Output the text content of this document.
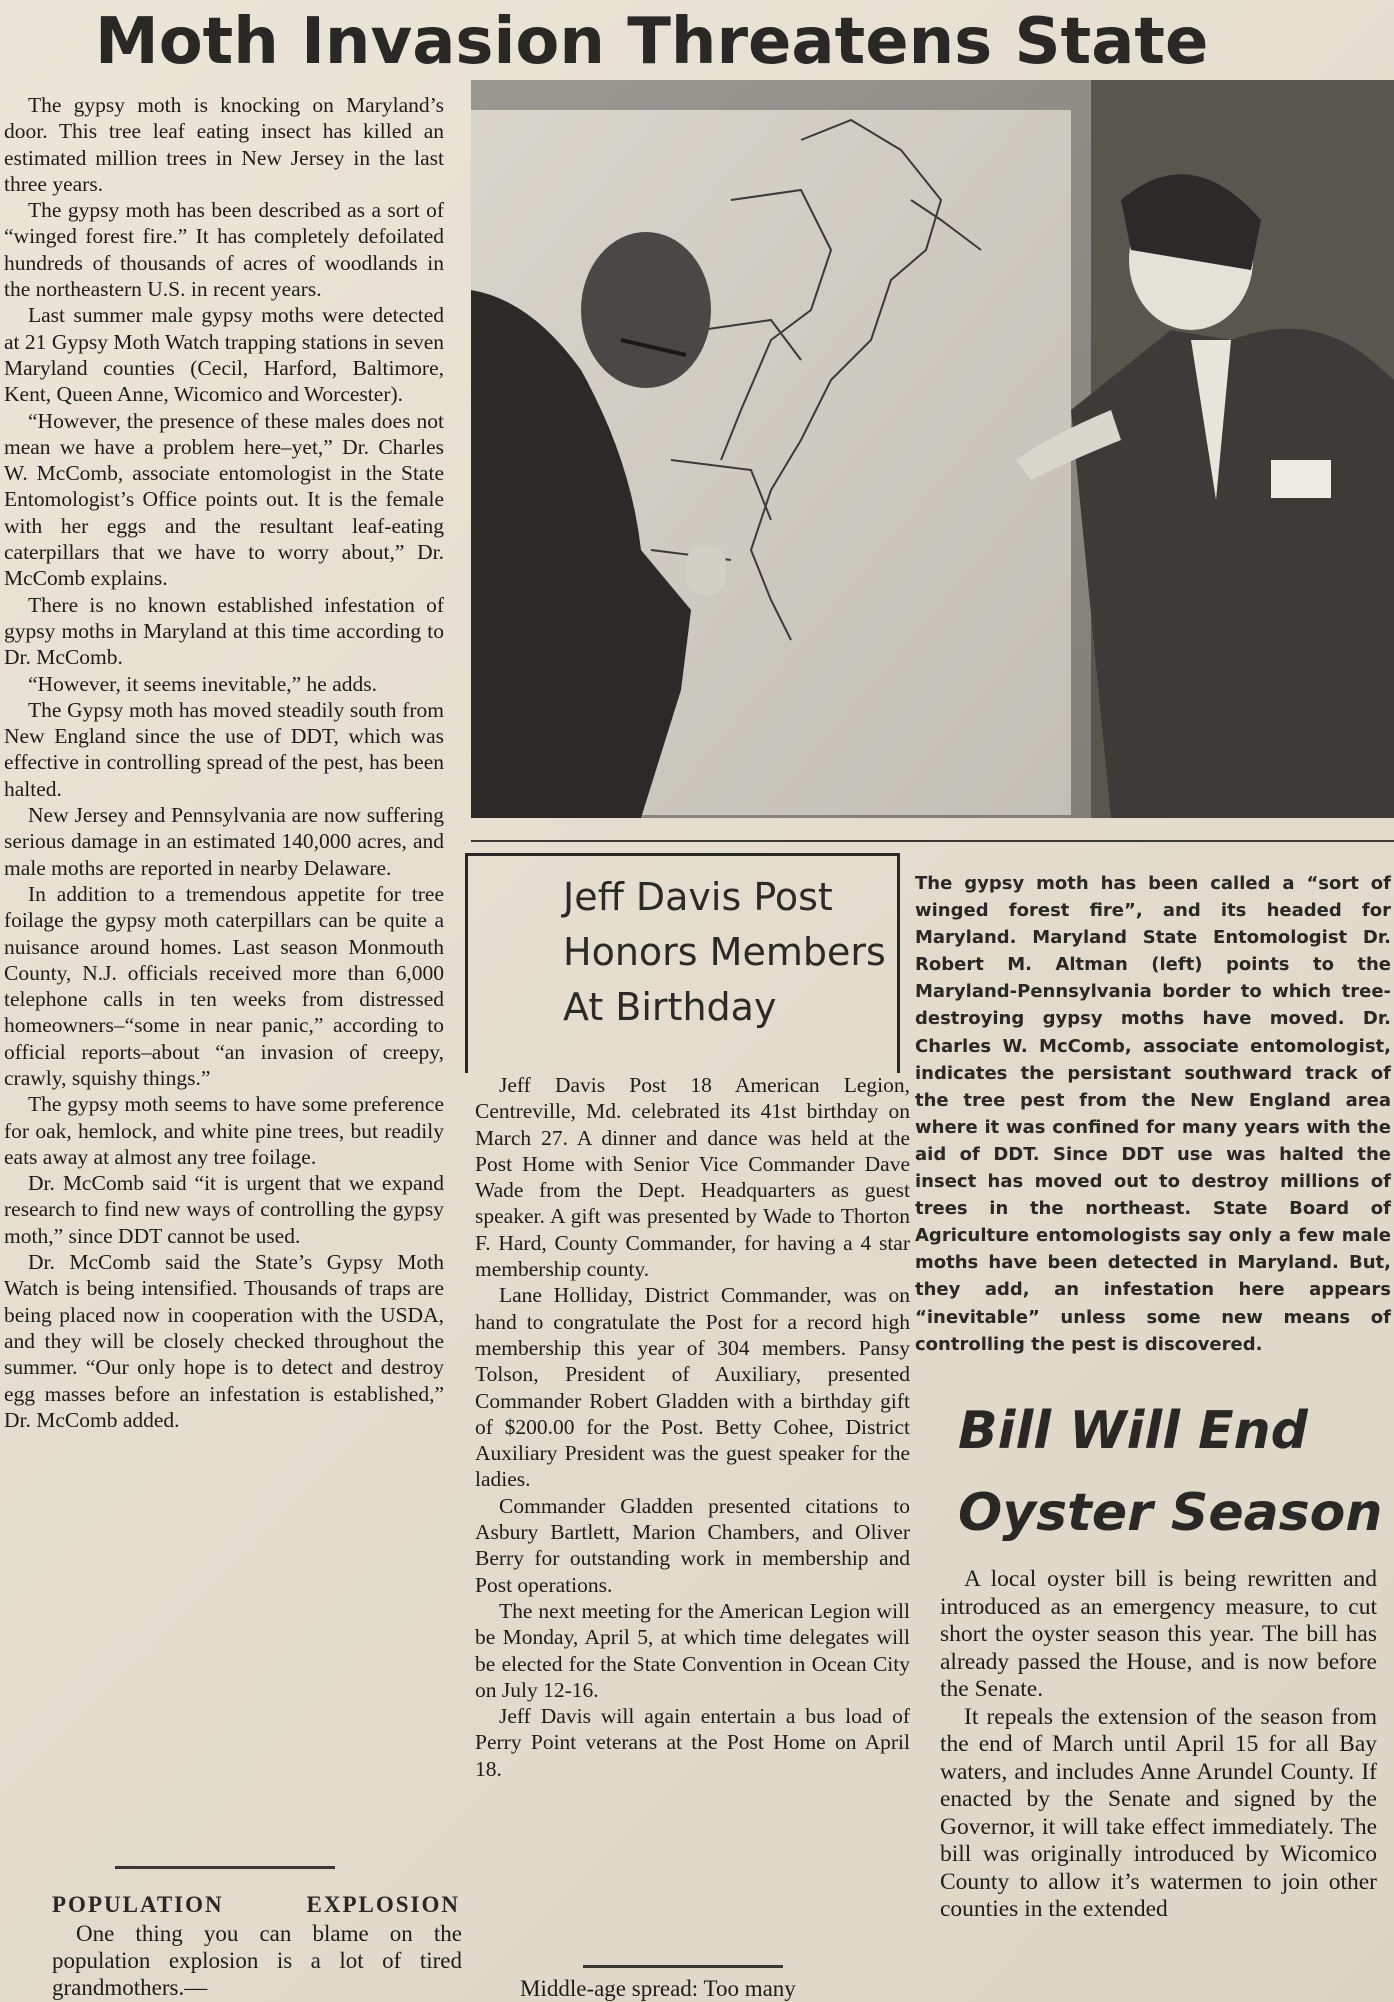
Moth Invasion Threatens State

The gypsy moth is knocking on Maryland’s door. This tree leaf eating insect has killed an estimated million trees in New Jersey in the last three years.

The gypsy moth has been described as a sort of “winged forest fire.” It has completely defoilated hundreds of thousands of acres of woodlands in the northeastern U.S. in recent years.

Last summer male gypsy moths were detected at 21 Gypsy Moth Watch trapping stations in seven Maryland counties (Cecil, Harford, Baltimore, Kent, Queen Anne, Wicomico and Worcester).

“However, the presence of these males does not mean we have a problem here–yet,” Dr. Charles W. McComb, associate entomologist in the State Entomologist’s Office points out. It is the female with her eggs and the resultant leaf-eating caterpillars that we have to worry about,” Dr. McComb explains.

There is no known established infestation of gypsy moths in Maryland at this time according to Dr. McComb.

“However, it seems inevitable,” he adds.

The Gypsy moth has moved steadily south from New England since the use of DDT, which was effective in controlling spread of the pest, has been halted.

New Jersey and Pennsylvania are now suffering serious damage in an estimated 140,000 acres, and male moths are reported in nearby Delaware.

In addition to a tremendous appetite for tree foilage the gypsy moth caterpillars can be quite a nuisance around homes. Last season Monmouth County, N.J. officials received more than 6,000 telephone calls in ten weeks from distressed homeowners–“some in near panic,” according to official reports–about “an invasion of creepy, crawly, squishy things.”

The gypsy moth seems to have some preference for oak, hemlock, and white pine trees, but readily eats away at almost any tree foilage.

Dr. McComb said “it is urgent that we expand research to find new ways of controlling the gypsy moth,” since DDT cannot be used.

Dr. McComb said the State’s Gypsy Moth Watch is being intensified. Thousands of traps are being placed now in cooperation with the USDA, and they will be closely checked throughout the summer. “Our only hope is to detect and destroy egg masses before an infestation is established,” Dr. McComb added.

POPULATION	EXPLOSION

One thing you can blame on the population explosion is a lot of tired grandmothers.—

Jeff Davis Post
Honors Members
At Birthday

Jeff Davis Post 18 American Legion, Centreville, Md. celebrated its 41st birthday on March 27. A dinner and dance was held at the Post Home with Senior Vice Commander Dave Wade from the Dept. Headquarters as guest speaker. A gift was presented by Wade to Thorton F. Hard, County Commander, for having a 4 star membership county.

Lane Holliday, District Commander, was on hand to congratulate the Post for a record high membership this year of 304 members. Pansy Tolson, President of Auxiliary, presented Commander Robert Gladden with a birthday gift of $200.00 for the Post. Betty Cohee, District Auxiliary President was the guest speaker for the ladies.

Commander Gladden presented citations to Asbury Bartlett, Marion Chambers, and Oliver Berry for outstanding work in membership and Post operations.

The next meeting for the American Legion will be Monday, April 5, at which time delegates will be elected for the State Convention in Ocean City on July 12-16.

Jeff Davis will again entertain a bus load of Perry Point veterans at the Post Home on April 18.

Middle-age spread: Too many
The gypsy moth has been called a “sort of winged forest fire”, and its headed for Maryland. Maryland State Entomologist Dr. Robert M. Altman (left) points to the Maryland-Pennsylvania border to which tree-destroying gypsy moths have moved. Dr. Charles W. McComb, associate entomologist, indicates the persistant southward track of the tree pest from the New England area where it was confined for many years with the aid of DDT. Since DDT use was halted the insect has moved out to destroy millions of trees in the northeast. State Board of Agriculture entomologists say only a few male moths have been detected in Maryland. But, they add, an infestation here appears “inevitable” unless some new means of controlling the pest is discovered.
Bill Will End
Oyster Season

A local oyster bill is being rewritten and introduced as an emergency measure, to cut short the oyster season this year. The bill has already passed the House, and is now before the Senate.

It repeals the extension of the season from the end of March until April 15 for all Bay waters, and includes Anne Arundel County. If enacted by the Senate and signed by the Governor, it will take effect immediately. The bill was originally introduced by Wicomico County to allow it’s watermen to join other counties in the extended
